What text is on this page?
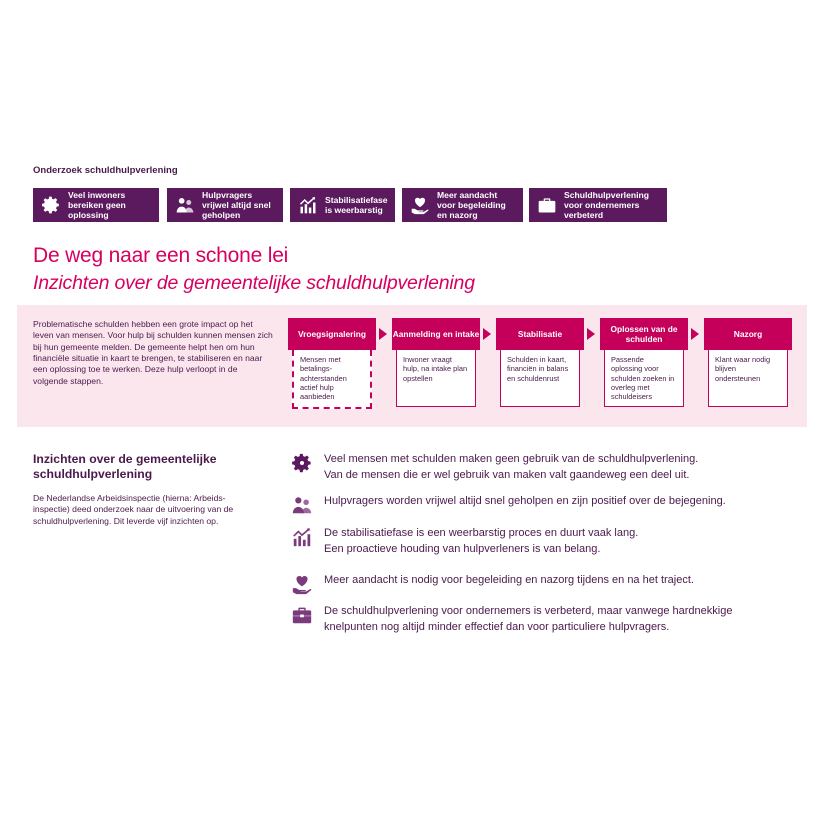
Onderzoek schuldhulpverlening
Veel inwoners bereiken geen oplossing
Hulpvragers vrijwel altijd snel geholpen
Stabilisatiefase is weerbarstig
Meer aandacht voor begeleiding en nazorg
Schuldhulpverlening voor ondernemers verbeterd
De weg naar een schone lei
Inzichten over de gemeentelijke schuldhulpverlening
Problematische schulden hebben een grote impact op het leven van mensen. Voor hulp bij schulden kunnen mensen zich bij hun gemeente melden. De gemeente helpt hen om hun financiële situatie in kaart te brengen, te stabiliseren en naar een oplossing toe te werken. Deze hulp verloopt in de volgende stappen.
Vroegsignalering
Mensen met betalings-achterstanden actief hulp aanbieden
Aanmelding en intake
Inwoner vraagt hulp, na intake plan opstellen
Stabilisatie
Schulden in kaart, financiën in balans en schuldenrust
Oplossen van de schulden
Passende oplossing voor schulden zoeken in overleg met schuldeisers
Nazorg
Klant waar nodig blijven ondersteunen
Inzichten over de gemeentelijke schuldhulpverlening
De Nederlandse Arbeidsinspectie (hierna: Arbeids-inspectie) deed onderzoek naar de uitvoering van de schuldhulpverlening. Dit leverde vijf inzichten op.
Veel mensen met schulden maken geen gebruik van de schuldhulpverlening.
Van de mensen die er wel gebruik van maken valt gaandeweg een deel uit.
Hulpvragers worden vrijwel altijd snel geholpen en zijn positief over de bejegening.
De stabilisatiefase is een weerbarstig proces en duurt vaak lang.
Een proactieve houding van hulpverleners is van belang.
Meer aandacht is nodig voor begeleiding en nazorg tijdens en na het traject.
De schuldhulpverlening voor ondernemers is verbeterd, maar vanwege hardnekkige
knelpunten nog altijd minder effectief dan voor particuliere hulpvragers.
